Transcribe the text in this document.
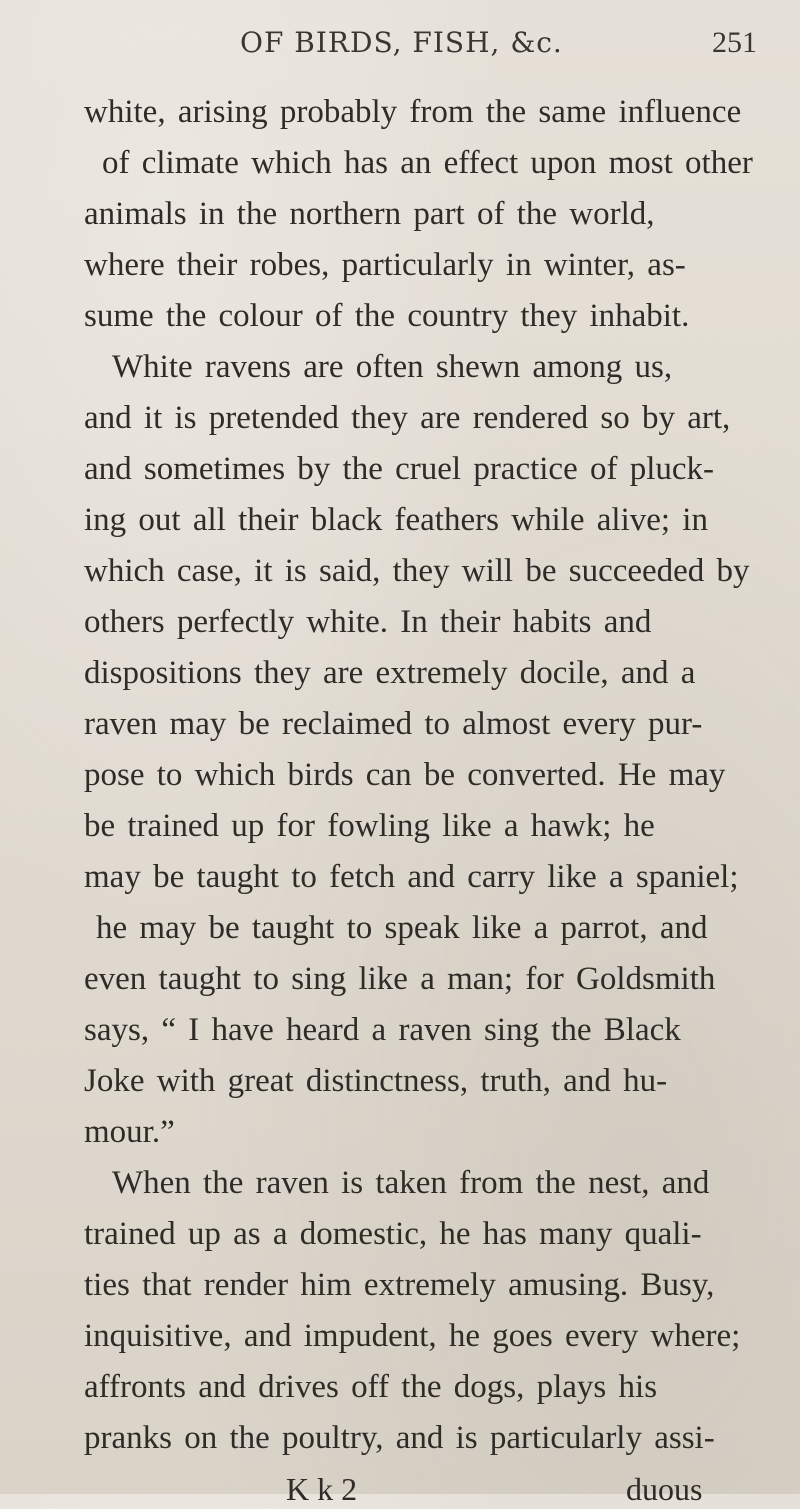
OF BIRDS, FISH, &c.	251
white, arising probably from the same influence
of climate which has an effect upon most other
animals in the northern part of the world,
where their robes, particularly in winter, as-
sume the colour of the country they inhabit.
White ravens are often shewn among us,
and it is pretended they are rendered so by art,
and sometimes by the cruel practice of pluck-
ing out all their black feathers while alive; in
which case, it is said, they will be succeeded by
others perfectly white. In their habits and
dispositions they are extremely docile, and a
raven may be reclaimed to almost every pur-
pose to which birds can be converted. He may
be trained up for fowling like a hawk; he
may be taught to fetch and carry like a spaniel;
he may be taught to speak like a parrot, and
even taught to sing like a man; for Goldsmith
says, “ I have heard a raven sing the Black
Joke with great distinctness, truth, and hu-
mour.”
When the raven is taken from the nest, and
trained up as a domestic, he has many quali-
ties that render him extremely amusing. Busy,
inquisitive, and impudent, he goes every where;
affronts and drives off the dogs, plays his
pranks on the poultry, and is particularly assi-
K k 2	duous
